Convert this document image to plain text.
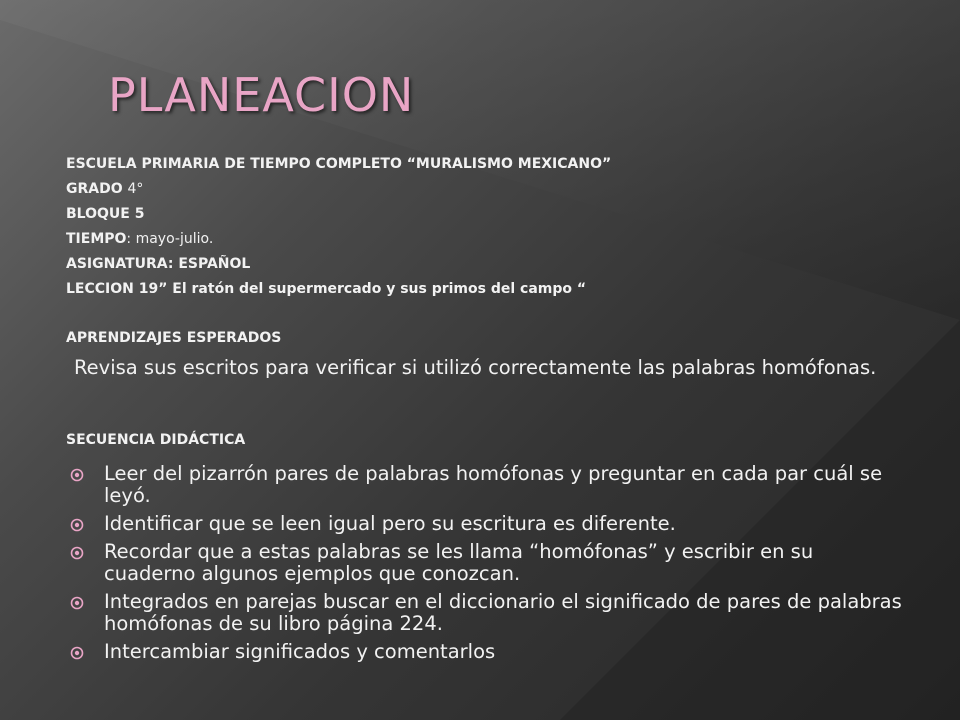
PLANEACION
ESCUELA PRIMARIA DE TIEMPO COMPLETO “MURALISMO MEXICANO”
GRADO 4°
BLOQUE 5
TIEMPO: mayo-julio.
ASIGNATURA: ESPAÑOL
LECCION 19” El ratón del supermercado y sus primos del campo “
APRENDIZAJES ESPERADOS
Revisa sus escritos para verificar si utilizó correctamente las palabras homófonas.
SECUENCIA DIDÁCTICA
Leer del pizarrón pares de palabras homófonas y preguntar en cada par cuál se leyó.
Identificar que se leen igual pero su escritura es diferente.
Recordar que a estas palabras se les llama “homófonas” y escribir en su cuaderno algunos ejemplos que conozcan.
Integrados en parejas buscar en el diccionario el significado de pares de palabras homófonas de su libro página 224.
Intercambiar significados y comentarlos
